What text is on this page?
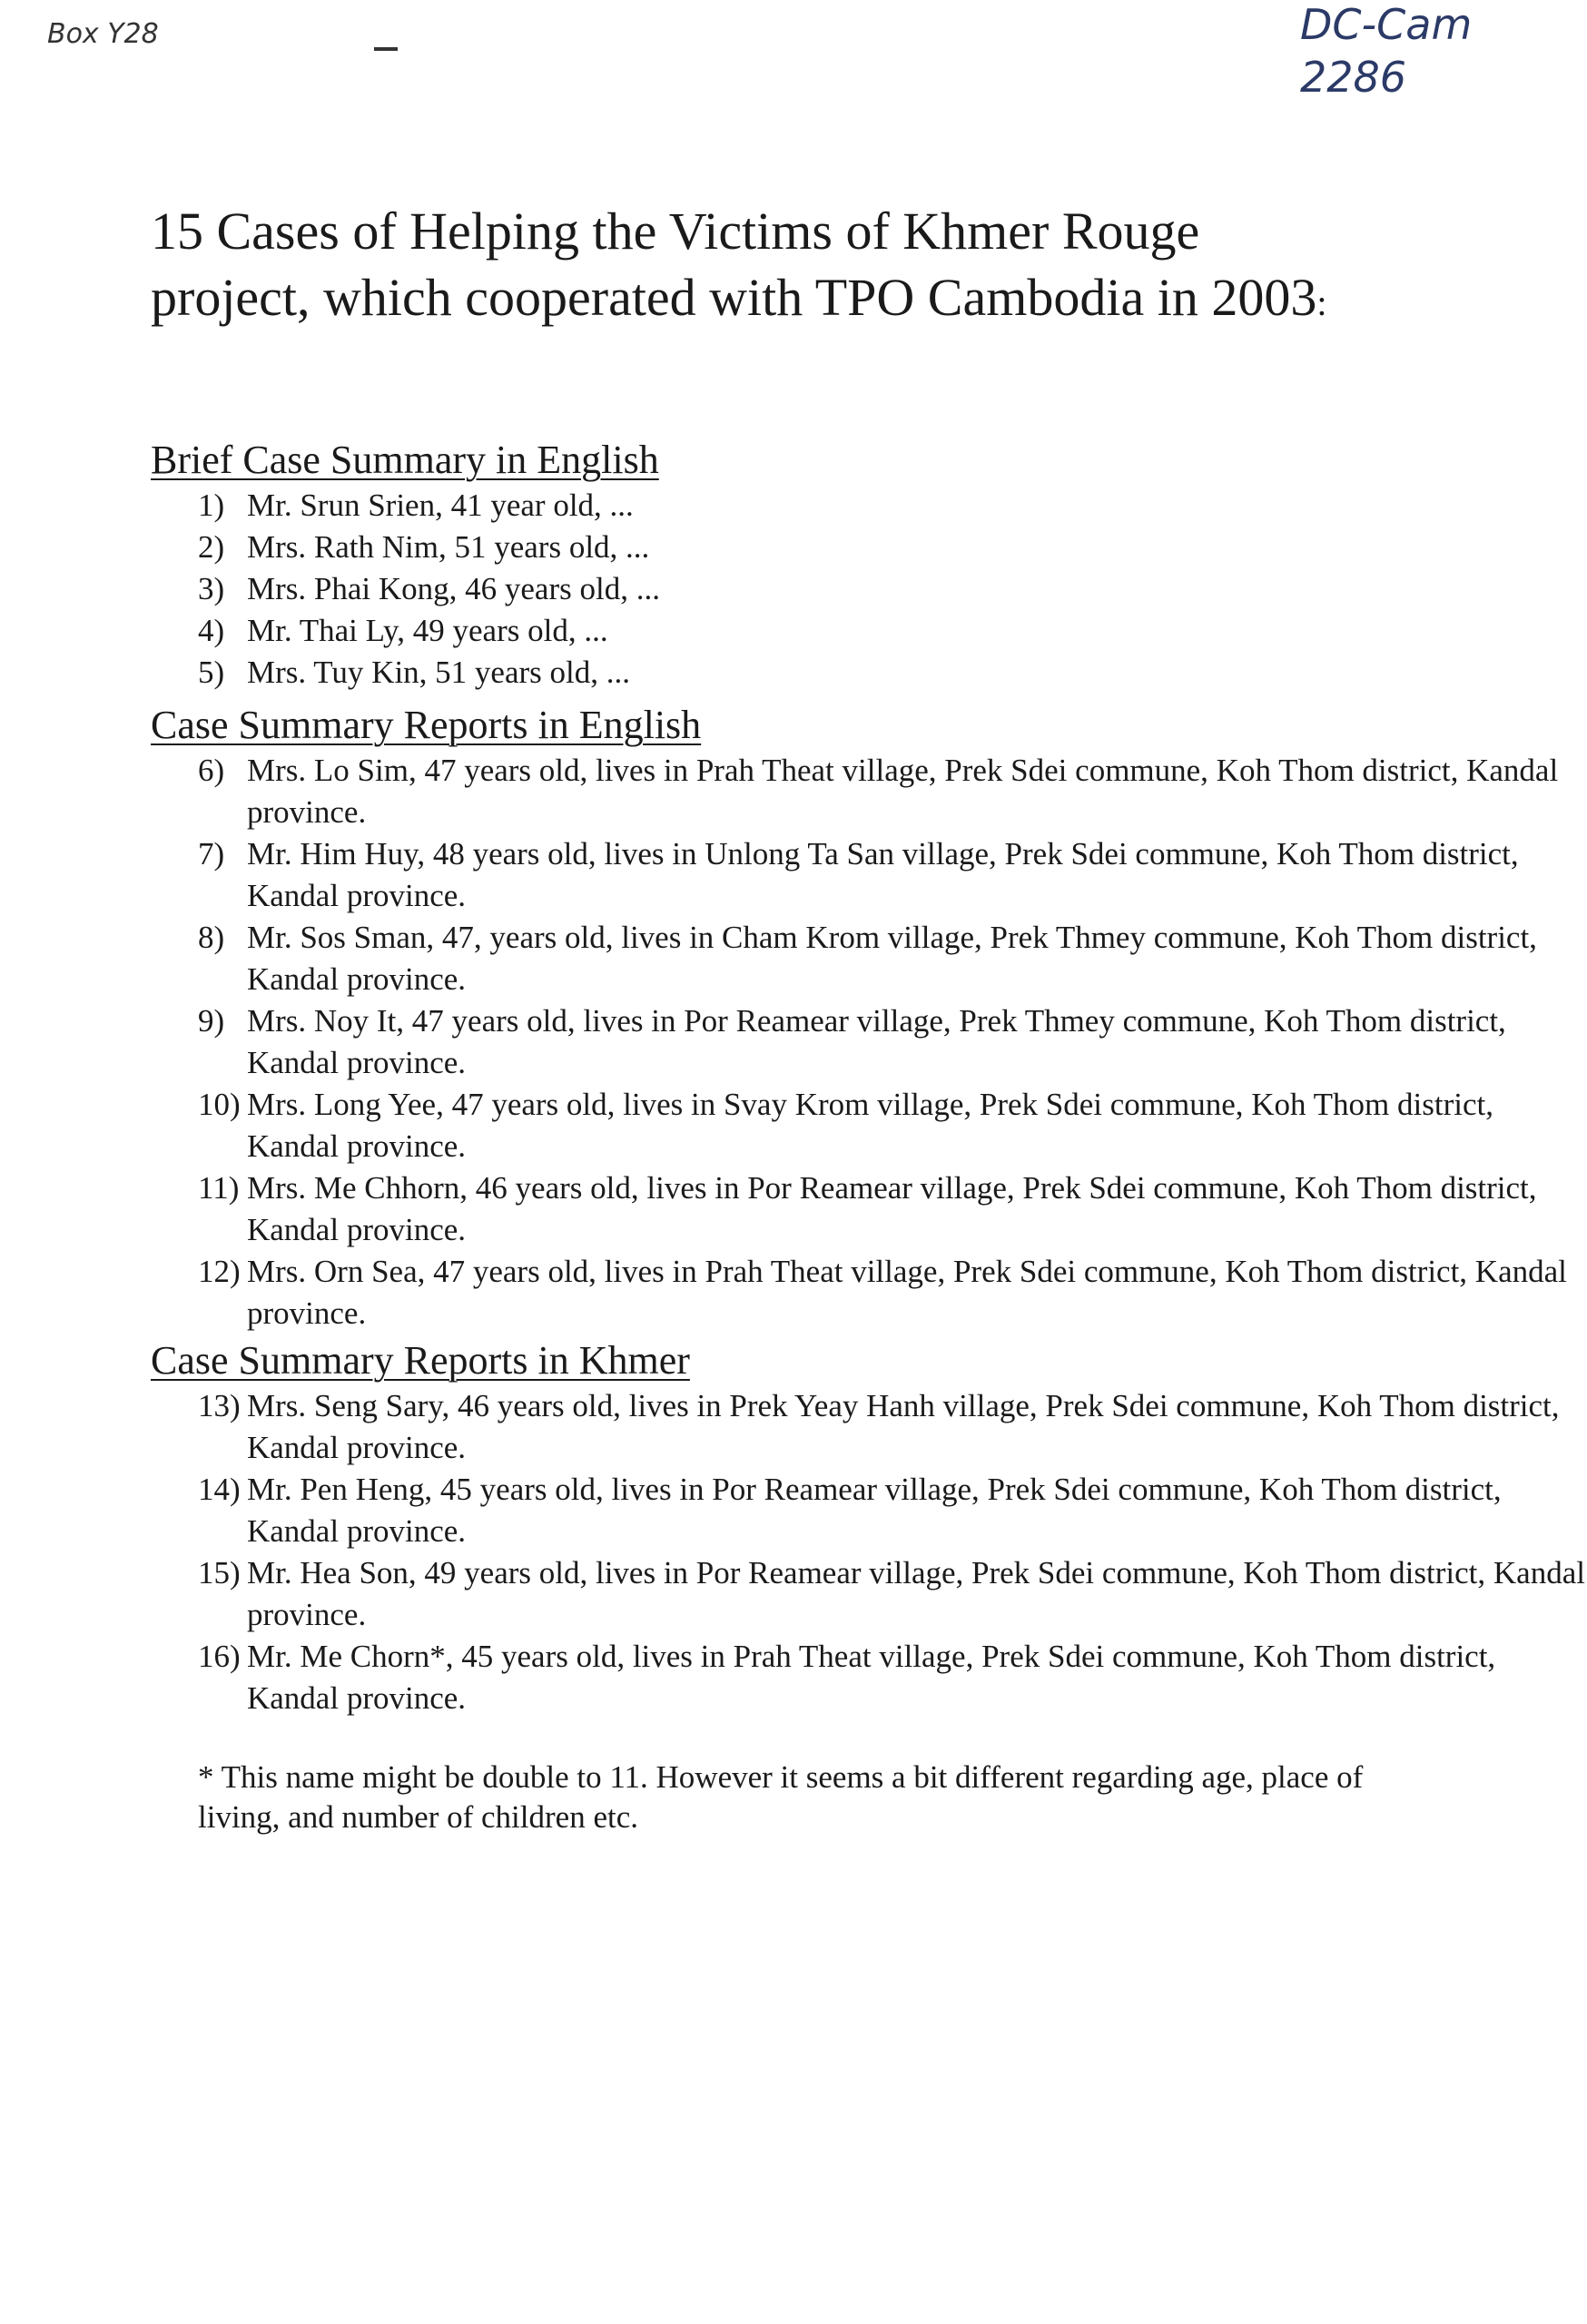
Box Y28	DC-Cam
2286
15 Cases of Helping the Victims of Khmer Rouge project, which cooperated with TPO Cambodia in 2003:
Brief Case Summary in English
1) Mr. Srun Srien, 41 year old, ...
2) Mrs. Rath Nim, 51 years old, ...
3) Mrs. Phai Kong, 46 years old, ...
4) Mr. Thai Ly, 49 years old, ...
5) Mrs. Tuy Kin, 51 years old, ...
Case Summary Reports in English
6) Mrs. Lo Sim, 47 years old, lives in Prah Theat village, Prek Sdei commune, Koh Thom district, Kandal province.
7) Mr. Him Huy, 48 years old, lives in Unlong Ta San village, Prek Sdei commune, Koh Thom district, Kandal province.
8) Mr. Sos Sman, 47, years old, lives in Cham Krom village, Prek Thmey commune, Koh Thom district, Kandal province.
9) Mrs. Noy It, 47 years old, lives in Por Reamear village, Prek Thmey commune, Koh Thom district, Kandal province.
10) Mrs. Long Yee, 47 years old, lives in Svay Krom village, Prek Sdei commune, Koh Thom district, Kandal province.
11) Mrs. Me Chhorn, 46 years old, lives in Por Reamear village, Prek Sdei commune, Koh Thom district, Kandal province.
12) Mrs. Orn Sea, 47 years old, lives in Prah Theat village, Prek Sdei commune, Koh Thom district, Kandal province.
Case Summary Reports in Khmer
13) Mrs. Seng Sary, 46 years old, lives in Prek Yeay Hanh village, Prek Sdei commune, Koh Thom district, Kandal province.
14) Mr. Pen Heng, 45 years old, lives in Por Reamear village, Prek Sdei commune, Koh Thom district, Kandal province.
15) Mr. Hea Son, 49 years old, lives in Por Reamear village, Prek Sdei commune, Koh Thom district, Kandal province.
16) Mr. Me Chorn*, 45 years old, lives in Prah Theat village, Prek Sdei commune, Koh Thom district, Kandal province.

* This name might be double to 11. However it seems a bit different regarding age, place of living, and number of children etc.
